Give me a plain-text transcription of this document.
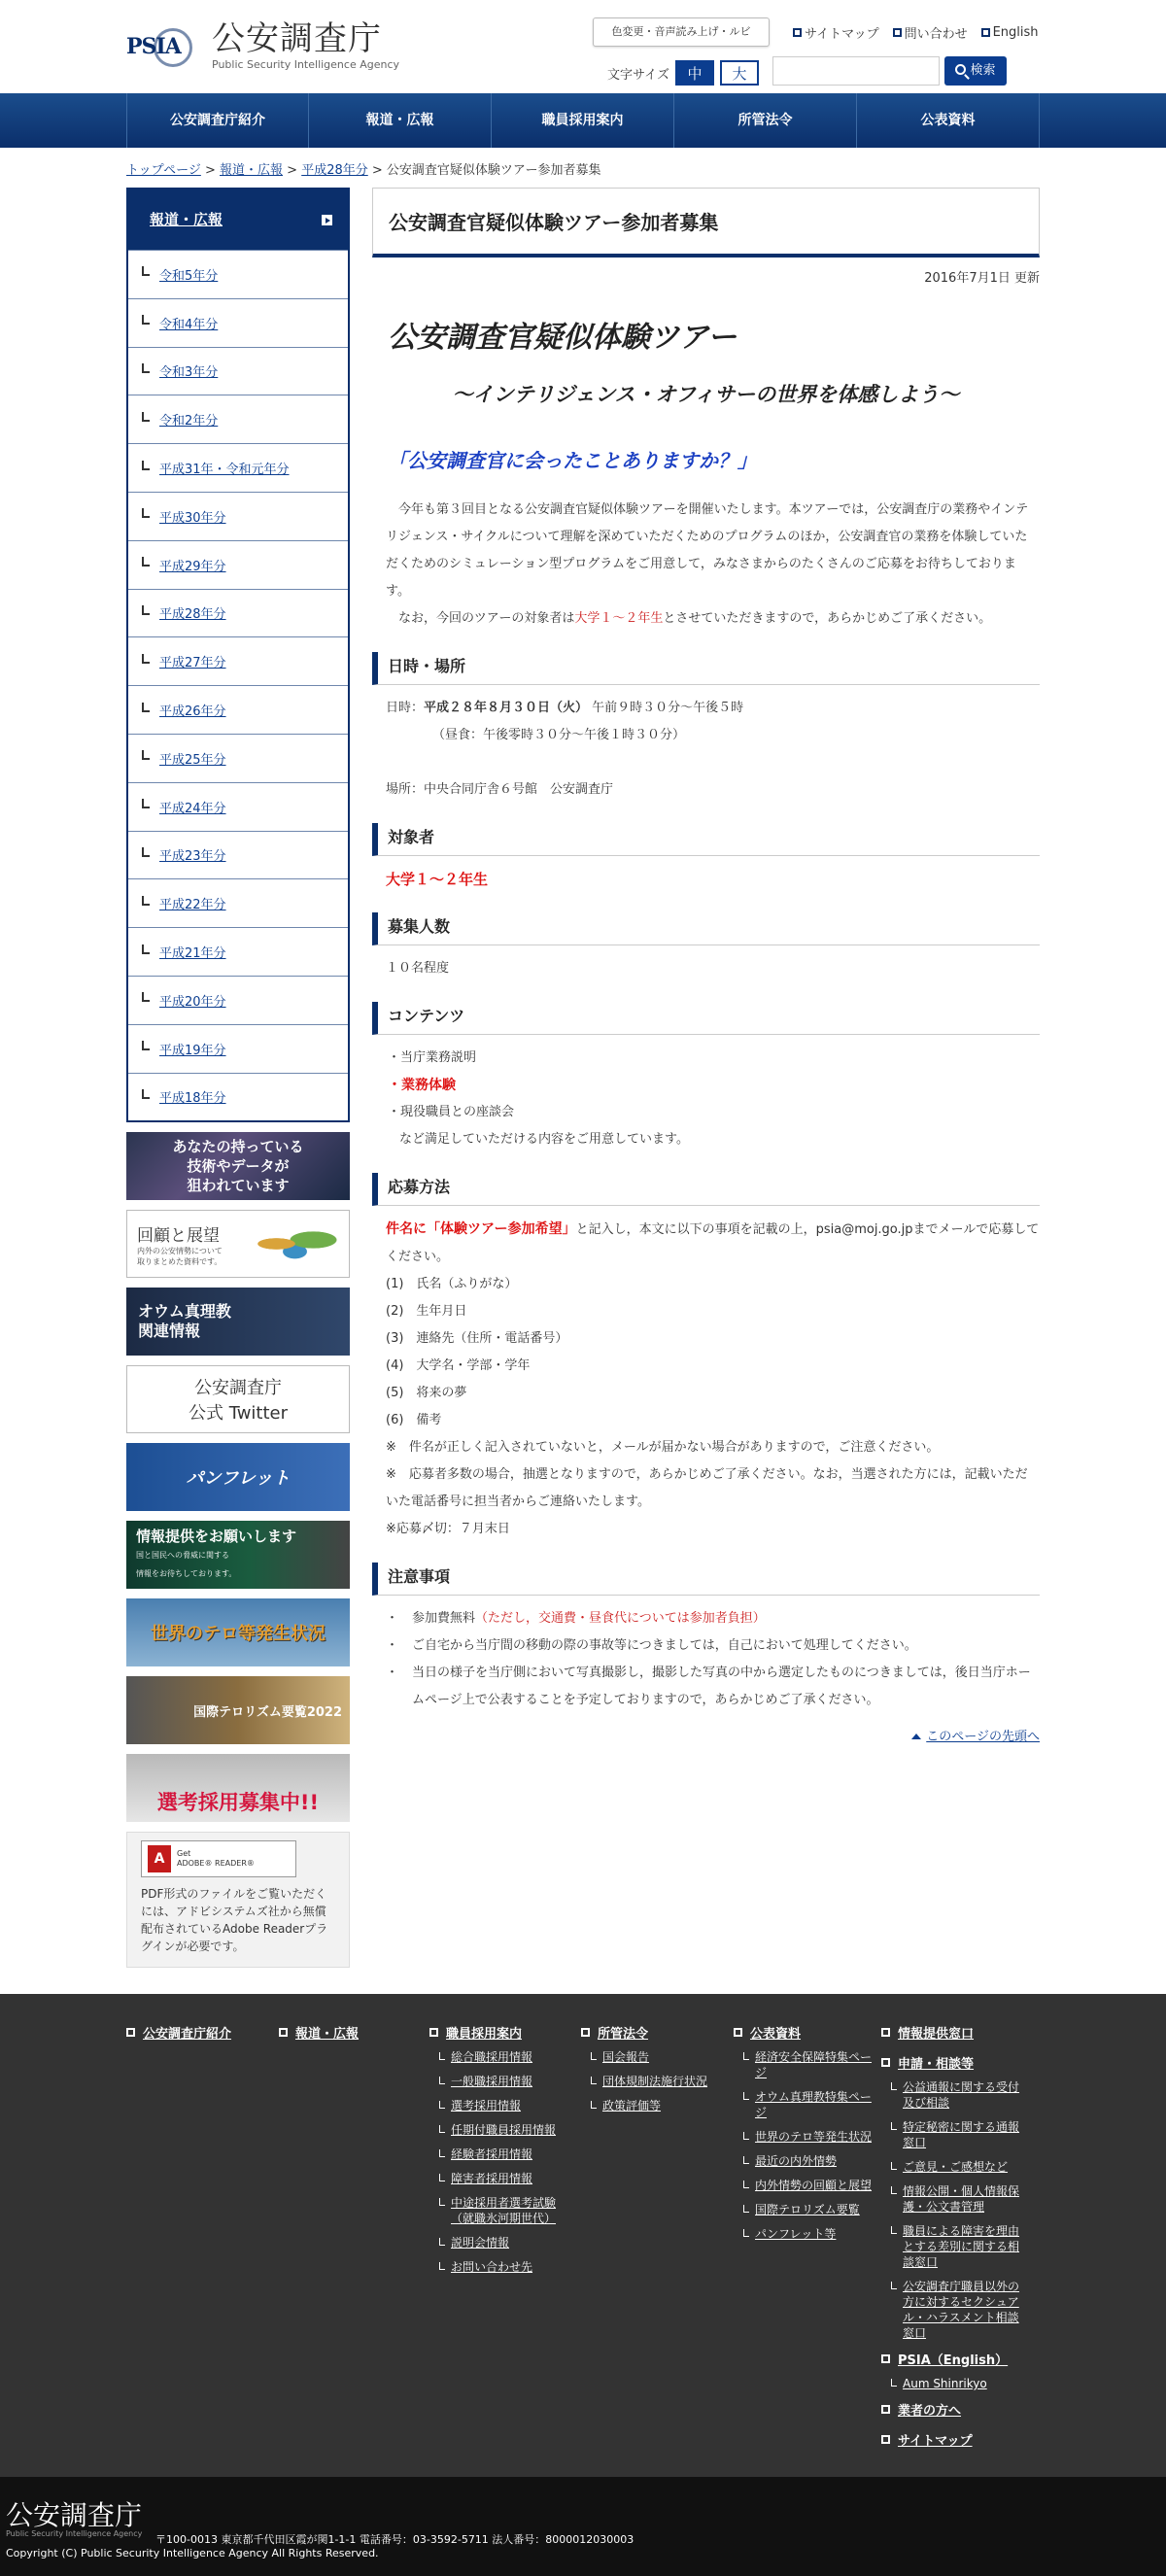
PSIA 公安調査庁
Public Security Intelligence Agency
色変更・音声読み上げ・ルビ	サイトマップ 問い合わせ English
文字サイズ	中	大	検索
公安調査庁紹介	報道・広報	職員採用案内	所管法令	公表資料
トップページ > 報道・広報 > 平成28年分 > 公安調査官疑似体験ツアー参加者募集
報道・広報
令和5年分
令和4年分
令和3年分
令和2年分
平成31年・令和元年分
平成30年分
平成29年分
平成28年分
平成27年分
平成26年分
平成25年分
平成24年分
平成23年分
平成22年分
平成21年分
平成20年分
平成19年分
平成18年分
あなたの持っている
技術やデータが
狙われています
回顧と展望
内外の公安情勢について
取りまとめた資料です。
オウム真理教
関連情報
公安調査庁
公式 Twitter
パンフレット
情報提供をお願いします
国と国民への脅威に関する
情報をお待ちしております。
世界のテロ等発生状況
国際テロリズム要覧2022
選考採用募集中!!
A	Get
ADOBE® READER®
PDF形式のファイルをご覧いただくには、アドビシステムズ社から無償配布されているAdobe Readerプラグインが必要です。
公安調査官疑似体験ツアー参加者募集
2016年7月1日 更新
公安調査官疑似体験ツアー
～インテリジェンス・オフィサーの世界を体感しよう～
「公安調査官に会ったことありますか？」
　今年も第３回目となる公安調査官疑似体験ツアーを開催いたします。本ツアーでは，公安調査庁の業務やインテリジェンス・サイクルについて理解を深めていただくためのプログラムのほか，公安調査官の業務を体験していただくためのシミュレーション型プログラムをご用意して，みなさまからのたくさんのご応募をお待ちしております。
　なお，今回のツアーの対象者は大学１～２年生とさせていただきますので，あらかじめご了承ください。
日時・場所
日時：平成２８年８月３０日（火） 午前９時３０分～午後５時
（昼食：午後零時３０分～午後１時３０分）
場所：中央合同庁舎６号館　公安調査庁
対象者
大学１～２年生
募集人数
１０名程度
コンテンツ
・当庁業務説明
・業務体験
・現役職員との座談会
など満足していただける内容をご用意しています。
応募方法
件名に「体験ツアー参加希望」と記入し，本文に以下の事項を記載の上，psia@moj.go.jpまでメールで応募してください。
(1)　氏名（ふりがな）
(2)　生年月日
(3)　連絡先（住所・電話番号）
(4)　大学名・学部・学年
(5)　将来の夢
(6)　備考
※　件名が正しく記入されていないと，メールが届かない場合がありますので，ご注意ください。
※　応募者多数の場合，抽選となりますので，あらかじめご了承ください。なお，当選された方には，記載いただいた電話番号に担当者からご連絡いたします。
※応募〆切：７月末日
注意事項
・ 参加費無料（ただし，交通費・昼食代については参加者負担）
・ ご自宅から当庁間の移動の際の事故等につきましては，自己において処理してください。
・ 当日の様子を当庁側において写真撮影し，撮影した写真の中から選定したものにつきましては，後日当庁ホームページ上で公表することを予定しておりますので，あらかじめご了承ください。
このページの先頭へ
公安調査庁紹介	報道・広報	職員採用案内
総合職採用情報
一般職採用情報
選考採用情報
任期付職員採用情報
経験者採用情報
障害者採用情報
中途採用者選考試験（就職氷河期世代）
説明会情報
お問い合わせ先
所管法令
国会報告
団体規制法施行状況
政策評価等
公表資料
経済安全保障特集ページ
オウム真理教特集ページ
世界のテロ等発生状況
最近の内外情勢
内外情勢の回顧と展望
国際テロリズム要覧
パンフレット等
情報提供窓口
申請・相談等
公益通報に関する受付及び相談
特定秘密に関する通報窓口
ご意見・ご感想など
情報公開・個人情報保護・公文書管理
職員による障害を理由とする差別に関する相談窓口
公安調査庁職員以外の方に対するセクシュアル・ハラスメント相談窓口
PSIA（English）
Aum Shinrikyo
業者の方へ
サイトマップ
公安調査庁
Public Security Intelligence Agency 〒100-0013 東京都千代田区霞が関1-1-1 電話番号：03-3592-5711 法人番号：8000012030003
Copyright (C) Public Security Intelligence Agency All Rights Reserved.
